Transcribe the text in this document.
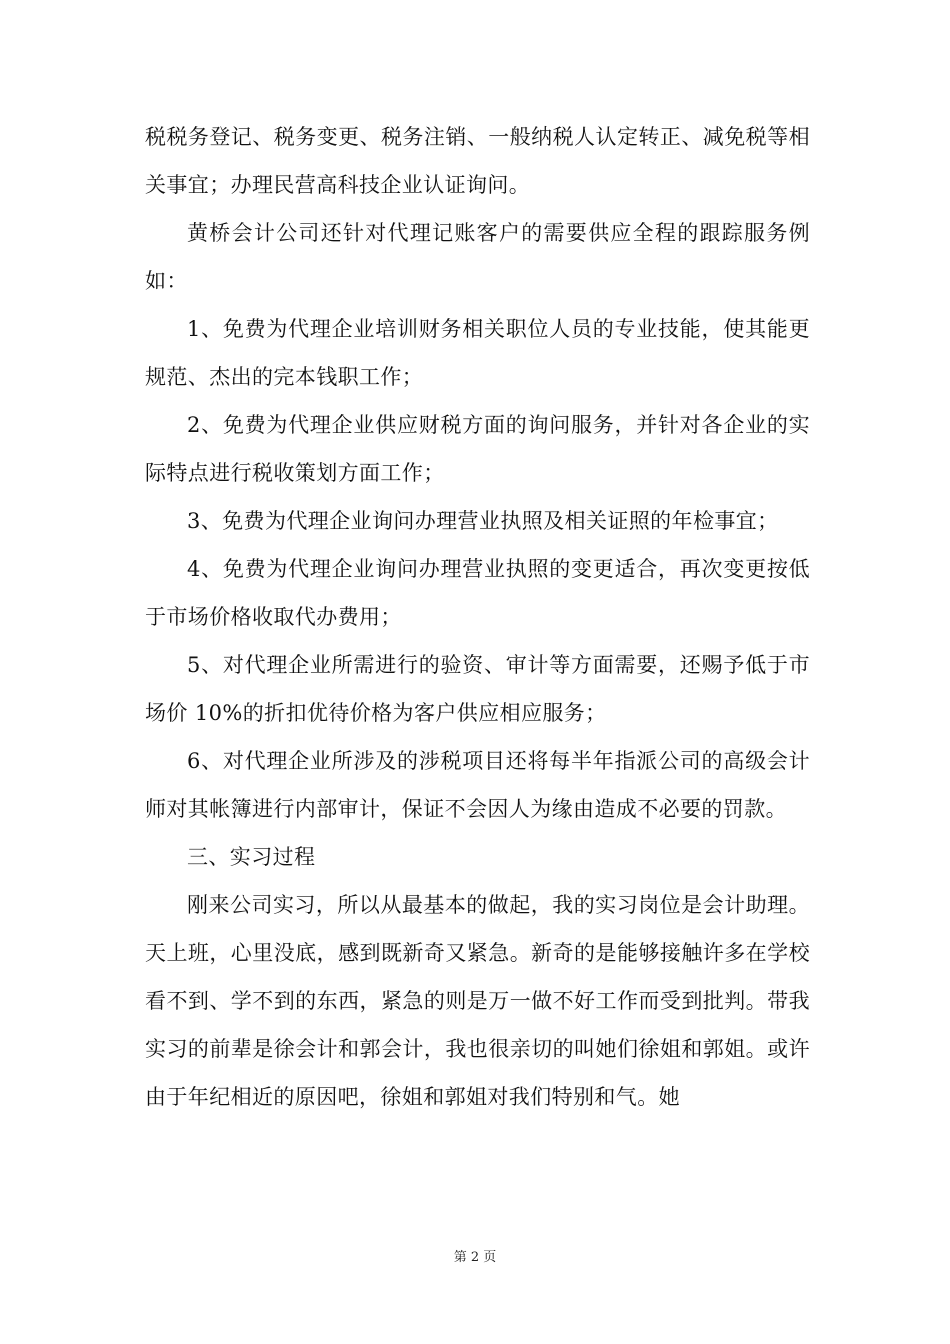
税税务登记、税务变更、税务注销、一般纳税人认定转正、减免税等相关事宜；办理民营高科技企业认证询问。

黄桥会计公司还针对代理记账客户的需要供应全程的跟踪服务例如：

1、免费为代理企业培训财务相关职位人员的专业技能，使其能更规范、杰出的完本钱职工作；

2、免费为代理企业供应财税方面的询问服务，并针对各企业的实际特点进行税收策划方面工作；

3、免费为代理企业询问办理营业执照及相关证照的年检事宜；

4、免费为代理企业询问办理营业执照的变更适合，再次变更按低于市场价格收取代办费用；

5、对代理企业所需进行的验资、审计等方面需要，还赐予低于市场价 10%的折扣优待价格为客户供应相应服务；

6、对代理企业所涉及的涉税项目还将每半年指派公司的高级会计师对其帐簿进行内部审计，保证不会因人为缘由造成不必要的罚款。

三、实习过程

刚来公司实习，所以从最基本的做起，我的实习岗位是会计助理。天上班，心里没底，感到既新奇又紧急。新奇的是能够接触许多在学校看不到、学不到的东西，紧急的则是万一做不好工作而受到批判。带我实习的前辈是徐会计和郭会计，我也很亲切的叫她们徐姐和郭姐。或许由于年纪相近的原因吧，徐姐和郭姐对我们特别和气。她

第 2 页
